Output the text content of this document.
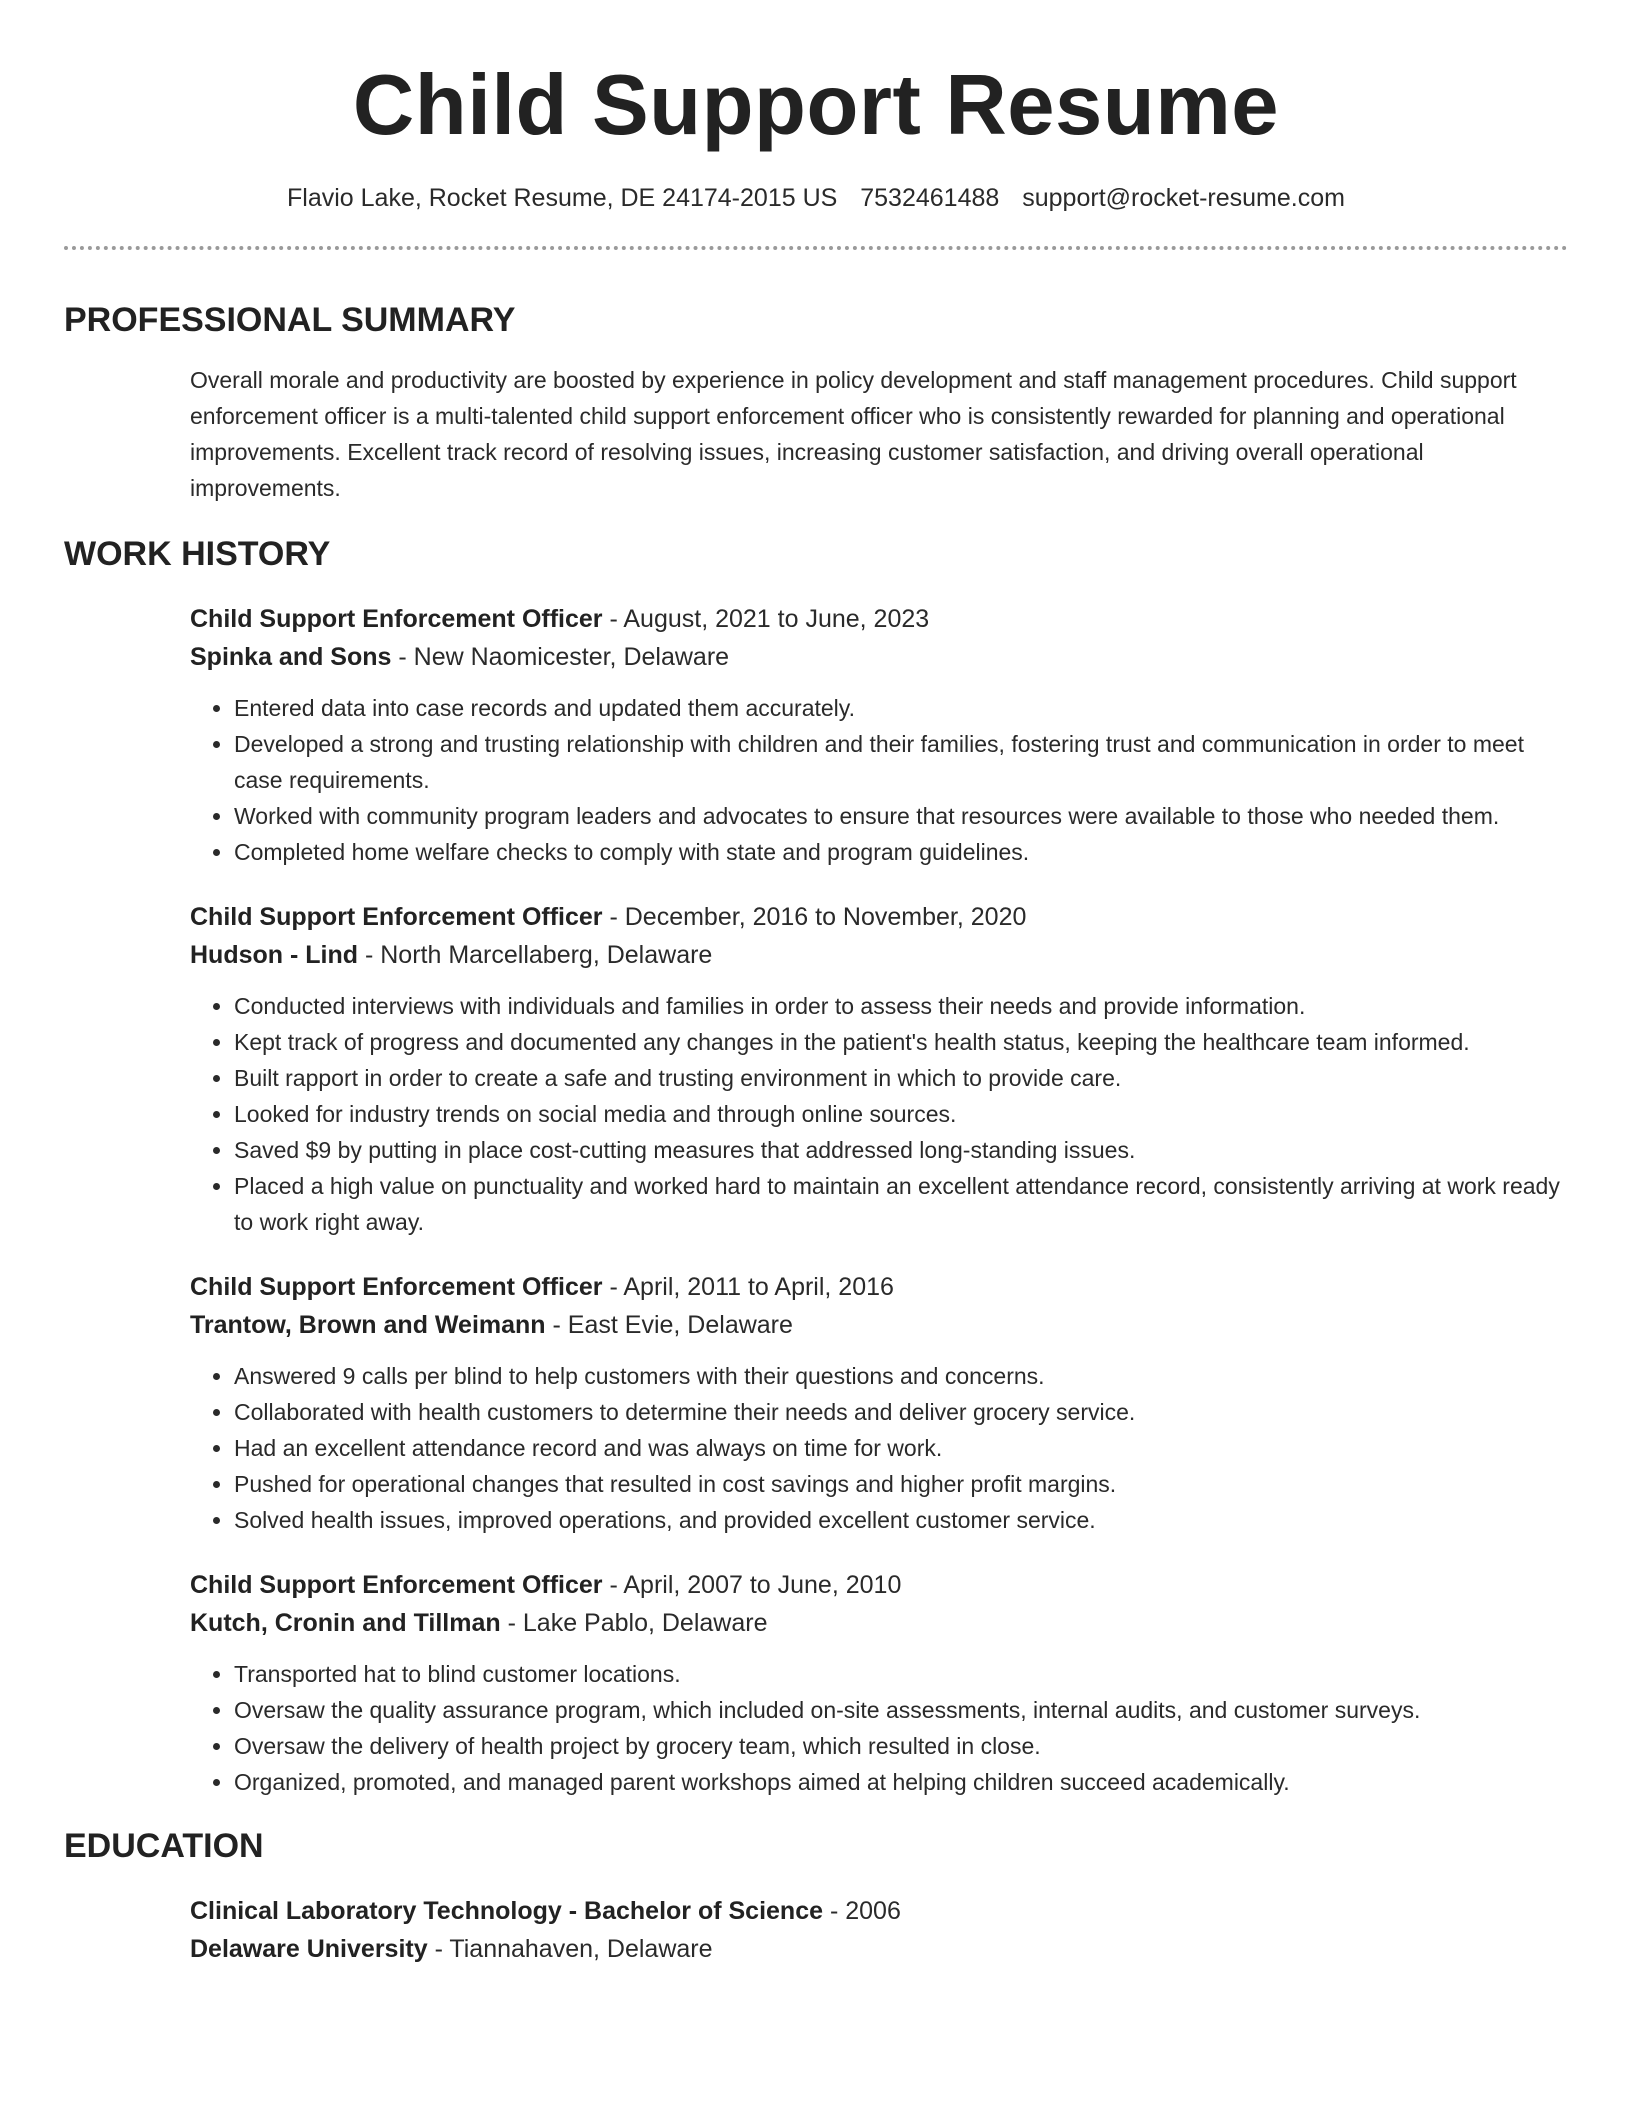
Child Support Resume
Flavio Lake, Rocket Resume, DE 24174-2015 US 7532461488 support@rocket-resume.com
PROFESSIONAL SUMMARY

Overall morale and productivity are boosted by experience in policy development and staff management procedures. Child support enforcement officer is a multi-talented child support enforcement officer who is consistently rewarded for planning and operational improvements. Excellent track record of resolving issues, increasing customer satisfaction, and driving overall operational improvements.

WORK HISTORY
Child Support Enforcement Officer - August, 2021 to June, 2023
Spinka and Sons - New Naomicester, Delaware
• Entered data into case records and updated them accurately.
• Developed a strong and trusting relationship with children and their families, fostering trust and communication in order to meet case requirements.
• Worked with community program leaders and advocates to ensure that resources were available to those who needed them.
• Completed home welfare checks to comply with state and program guidelines.
Child Support Enforcement Officer - December, 2016 to November, 2020
Hudson - Lind - North Marcellaberg, Delaware
• Conducted interviews with individuals and families in order to assess their needs and provide information.
• Kept track of progress and documented any changes in the patient's health status, keeping the healthcare team informed.
• Built rapport in order to create a safe and trusting environment in which to provide care.
• Looked for industry trends on social media and through online sources.
• Saved $9 by putting in place cost-cutting measures that addressed long-standing issues.
• Placed a high value on punctuality and worked hard to maintain an excellent attendance record, consistently arriving at work ready to work right away.
Child Support Enforcement Officer - April, 2011 to April, 2016
Trantow, Brown and Weimann - East Evie, Delaware
• Answered 9 calls per blind to help customers with their questions and concerns.
• Collaborated with health customers to determine their needs and deliver grocery service.
• Had an excellent attendance record and was always on time for work.
• Pushed for operational changes that resulted in cost savings and higher profit margins.
• Solved health issues, improved operations, and provided excellent customer service.
Child Support Enforcement Officer - April, 2007 to June, 2010
Kutch, Cronin and Tillman - Lake Pablo, Delaware
• Transported hat to blind customer locations.
• Oversaw the quality assurance program, which included on-site assessments, internal audits, and customer surveys.
• Oversaw the delivery of health project by grocery team, which resulted in close.
• Organized, promoted, and managed parent workshops aimed at helping children succeed academically.
EDUCATION
Clinical Laboratory Technology - Bachelor of Science - 2006
Delaware University - Tiannahaven, Delaware
